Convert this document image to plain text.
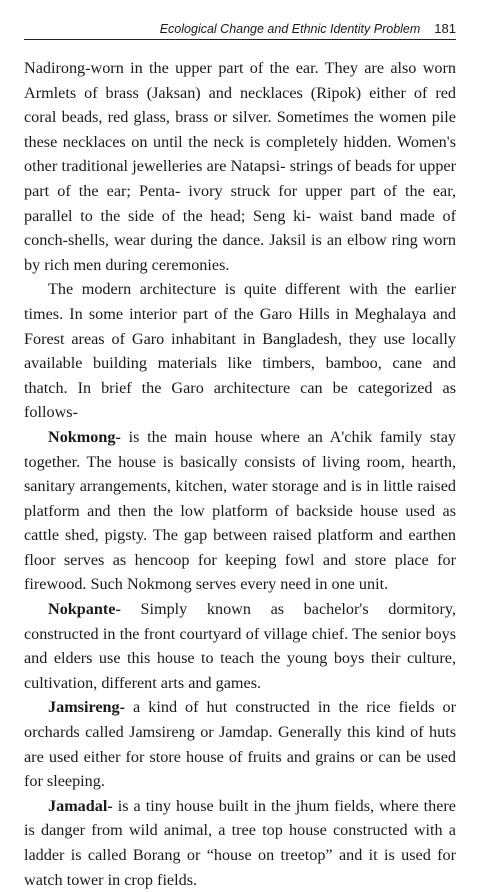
Ecological Change and Ethnic Identity Problem 181

Nadirong-worn in the upper part of the ear. They are also worn Armlets of brass (Jaksan) and necklaces (Ripok) either of red coral beads, red glass, brass or silver. Sometimes the women pile these necklaces on until the neck is completely hidden. Women's other traditional jewelleries are Natapsi- strings of beads for upper part of the ear; Penta- ivory struck for upper part of the ear, parallel to the side of the head; Seng ki- waist band made of conch-shells, wear during the dance. Jaksil is an elbow ring worn by rich men during ceremonies.

The modern architecture is quite different with the earlier times. In some interior part of the Garo Hills in Meghalaya and Forest areas of Garo inhabitant in Bangladesh, they use locally available building materials like timbers, bamboo, cane and thatch. In brief the Garo architecture can be categorized as follows-

Nokmong- is the main house where an A'chik family stay together. The house is basically consists of living room, hearth, sanitary arrangements, kitchen, water storage and is in little raised platform and then the low platform of backside house used as cattle shed, pigsty. The gap between raised platform and earthen floor serves as hencoop for keeping fowl and store place for firewood. Such Nokmong serves every need in one unit.

Nokpante- Simply known as bachelor's dormitory, constructed in the front courtyard of village chief. The senior boys and elders use this house to teach the young boys their culture, cultivation, different arts and games.

Jamsireng- a kind of hut constructed in the rice fields or orchards called Jamsireng or Jamdap. Generally this kind of huts are used either for store house of fruits and grains or can be used for sleeping.

Jamadal- is a tiny house built in the jhum fields, where there is danger from wild animal, a tree top house constructed with a ladder is called Borang or “house on treetop” and it is used for watch tower in crop fields.
